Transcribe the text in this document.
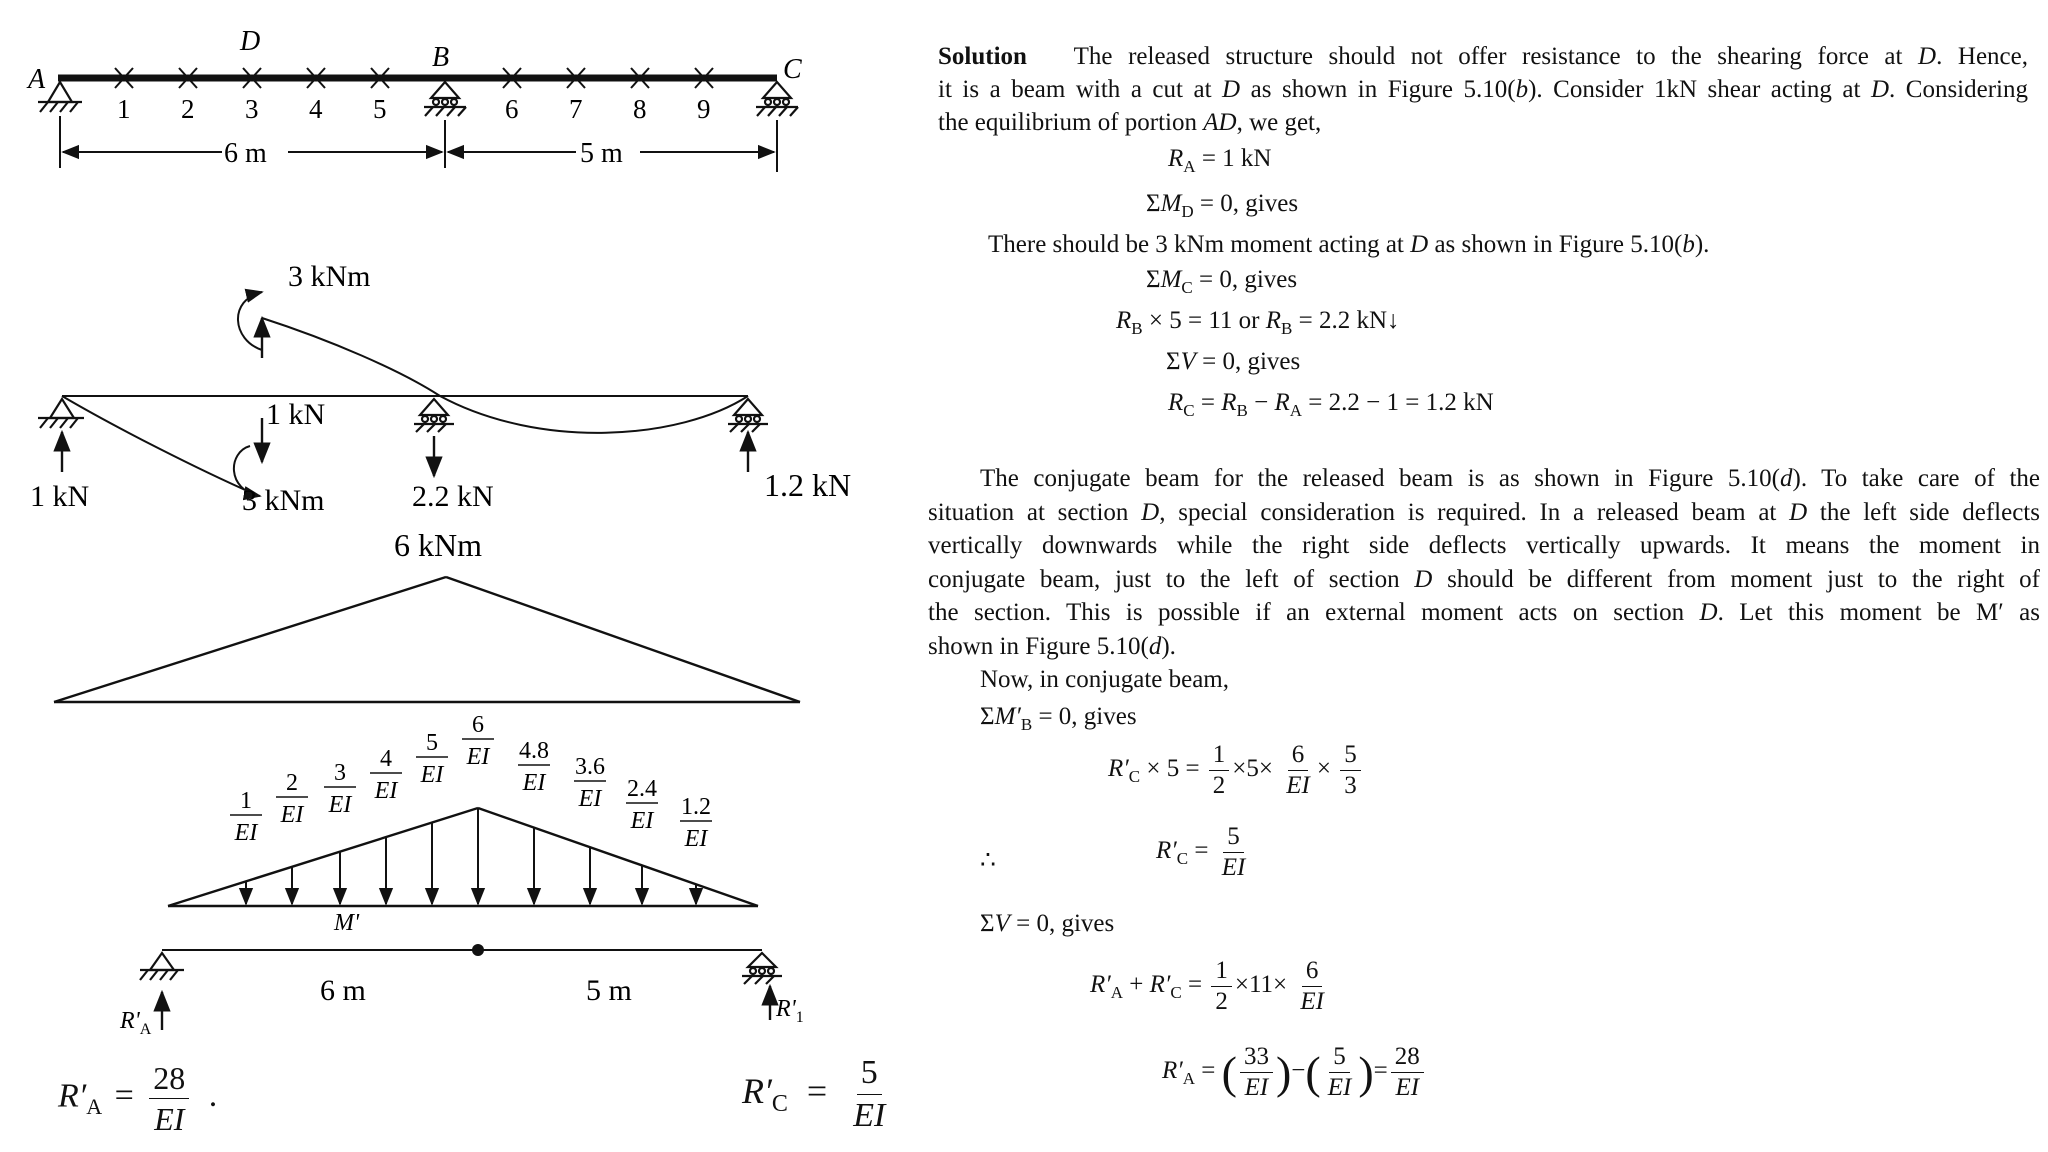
A
D
B	C
1 2 3 4 5	6 7 8 9
6 m	5 m
3 kNm
1 kN
3 kNm
1 kN	2.2 kN	1.2 kN
6 kNm
1
EI
2
EI
3
EI
4
EI
5
EI
6
EI 4.8
EI
3.6
EI 2.4
EI
1.2
EI
M'
6 m	5 m
$R'_A$
$R'_1$
$R'_A = \frac{28}{EI}$ .	$R'_C = \frac{5}{EI}$
Solution The released structure should not offer resistance to the shearing force at D. Hence,
it is a beam with a cut at D as shown in Figure 5.10(b). Consider 1kN shear acting at D. Considering
the equilibrium of portion AD, we get,
$R_A = 1$ kN
$\Sigma M_D = 0$, gives
There should be 3 kNm moment acting at D as shown in Figure 5.10(b).
$\Sigma M_C = 0$, gives
$R_B \times 5 = 11$ or $R_B = 2.2$ kN↓
ΣV = 0, gives
$R_C = R_B - R_A = 2.2 - 1 = 1.2$ kN
The conjugate beam for the released beam is as shown in Figure 5.10(d). To take care of the
situation at section D, special consideration is required. In a released beam at D the left side deflects
vertically downwards while the right side deflects vertically upwards. It means the moment in
conjugate beam, just to the left of section D should be different from moment just to the right of
the section. This is possible if an external moment acts on section D. Let this moment be M′ as
shown in Figure 5.10(d).
Now, in conjugate beam,
$\Sigma M'_B = 0$, gives
$R'_C \times 5 = \frac{1}{2} \times 5\times \frac{6}{EI} \times \frac{5}{3}$
∴	$R'_C = \frac{5}{EI}$
ΣV = 0, gives
$R'_A + R'_C = \frac{1}{2} \times 11\times \frac{6}{EI}$
$R'_A$ = ( $\frac{33}{EI}$ )−( $\frac{5}{EI}$ )= $\frac{28}{EI}$
